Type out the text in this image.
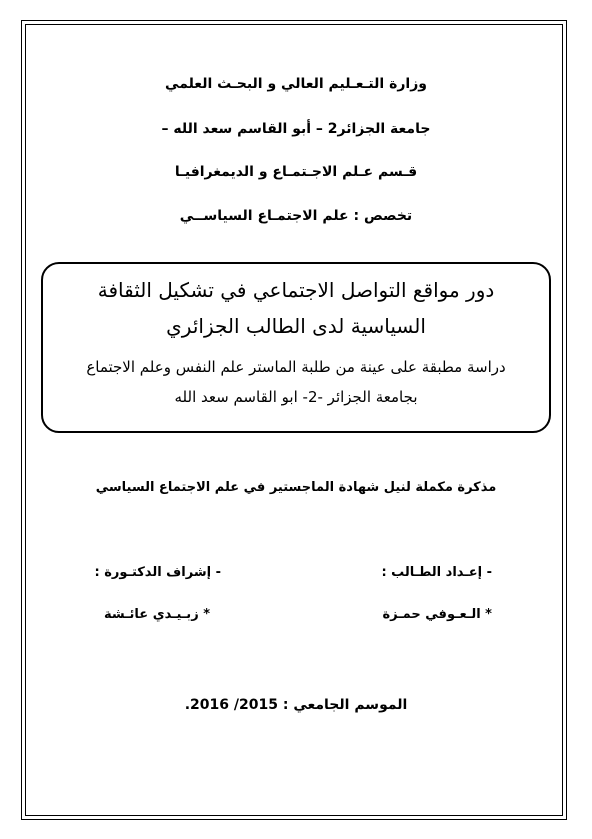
وزارة التـعـليم العالي و البحـث العلمي
جامعة الجزائر2 – أبو القاسم سعد الله –
قـسم عـلم الاجـتمـاع و الديمغرافيـا
تخصص : علم الاجتمـاع السياســي
دور مواقع التواصل الاجتماعي في تشكيل الثقافة
السياسية لدى الطالب الجزائري
دراسة مطبقة على عينة من طلبة الماستر علم النفس وعلم الاجتماع
بجامعة الجزائر -2- ابو القاسم سعد الله
مذكرة مكملة لنيل شهادة الماجستير في علم الاجتماع السياسي
- إعـداد الطـالب :
- إشراف الدكتـورة :
* الـعـوفي حمـزة
* زبـيـدي عائـشة
الموسم الجامعي : 2015/ 2016.
